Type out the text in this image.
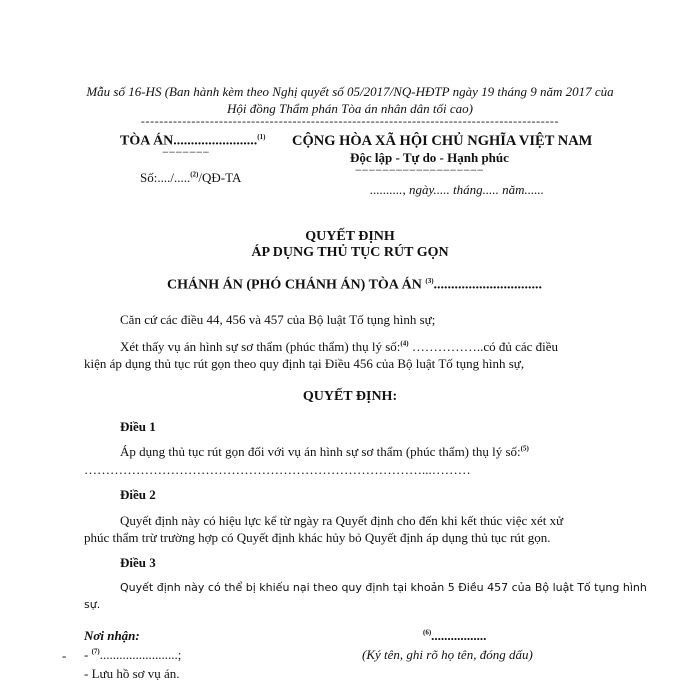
Mẫu số 16-HS (Ban hành kèm theo Nghị quyết số 05/2017/NQ-HĐTP ngày 19 tháng 9 năm 2017 của
Hội đồng Thẩm phán Tòa án nhân dân tối cao)
-------------------------------------------------------------------------------------------
TÒA ÁN........................$^{(1)}$
−−−−−−−
Số:..../.....$^{(2)}$/QĐ-TA
CỘNG HÒA XÃ HỘI CHỦ NGHĨA VIỆT NAM
Độc lập - Tự do - Hạnh phúc
−−−−−−−−−−−−−−−−−−−
.........., ngày..... tháng..... năm......
QUYẾT ĐỊNH
ÁP DỤNG THỦ TỤC RÚT GỌN
CHÁNH ÁN (PHÓ CHÁNH ÁN) TÒA ÁN $^{(3)}$...............................
Căn cứ các điều 44, 456 và 457 của Bộ luật Tố tụng hình sự;
Xét thấy vụ án hình sự sơ thẩm (phúc thẩm) thụ lý số:$^{(4)}$ ……………..có đủ các điều
kiện áp dụng thủ tục rút gọn theo quy định tại Điều 456 của Bộ luật Tố tụng hình sự,
QUYẾT ĐỊNH:
Điều 1
Áp dụng thủ tục rút gọn đối với vụ án hình sự sơ thẩm (phúc thẩm) thụ lý số:$^{(5)}$
……………………………………………………………………...………
Điều 2
Quyết định này có hiệu lực kể từ ngày ra Quyết định cho đến khi kết thúc việc xét xử
phúc thẩm trừ trường hợp có Quyết định khác hủy bỏ Quyết định áp dụng thủ tục rút gọn.
Điều 3
Quyết định này có thể bị khiếu nại theo quy định tại khoản 5 Điều 457 của Bộ luật Tố tụng hình
sự.
Nơi nhận:
- - $^{(7)}$........................;
- Lưu hồ sơ vụ án.
$^{(6)}$.................
(Ký tên, ghi rõ họ tên, đóng dấu)
